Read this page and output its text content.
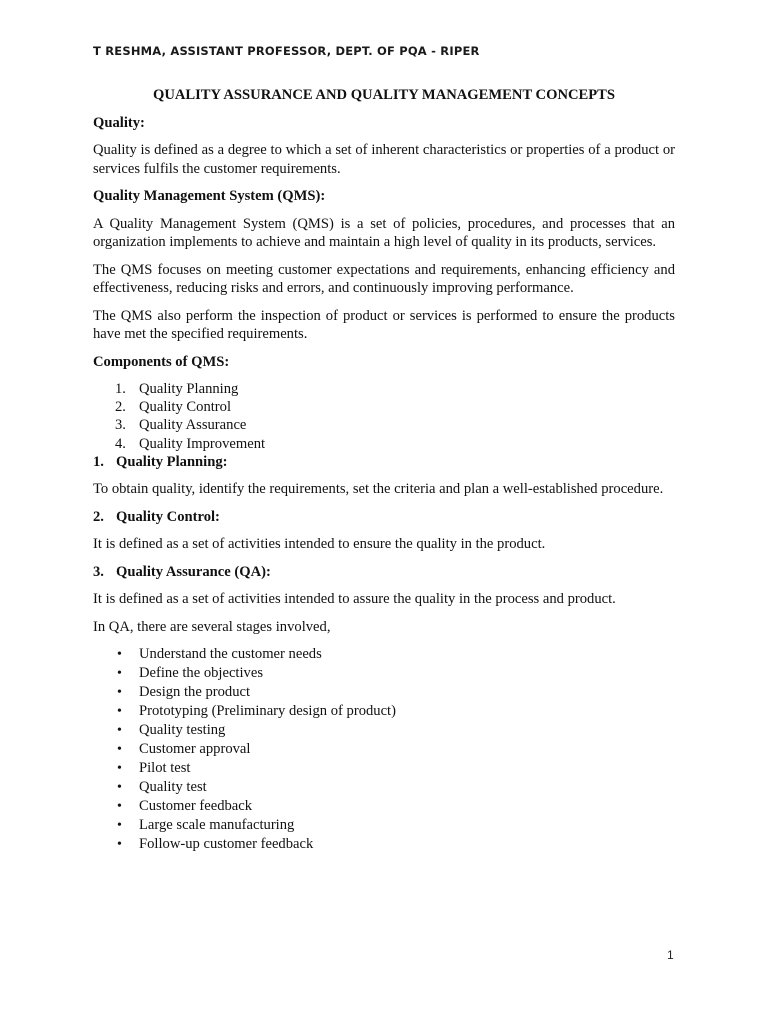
T RESHMA, ASSISTANT PROFESSOR, DEPT. OF PQA - RIPER
QUALITY ASSURANCE AND QUALITY MANAGEMENT CONCEPTS
Quality:
Quality is defined as a degree to which a set of inherent characteristics or properties of a product or services fulfils the customer requirements.
Quality Management System (QMS):
A Quality Management System (QMS) is a set of policies, procedures, and processes that an organization implements to achieve and maintain a high level of quality in its products, services.
The QMS focuses on meeting customer expectations and requirements, enhancing efficiency and effectiveness, reducing risks and errors, and continuously improving performance.
The QMS also perform the inspection of product or services is performed to ensure the products have met the specified requirements.
Components of QMS:
1. Quality Planning
2. Quality Control
3. Quality Assurance
4. Quality Improvement
1. Quality Planning:
To obtain quality, identify the requirements, set the criteria and plan a well-established procedure.
2. Quality Control:
It is defined as a set of activities intended to ensure the quality in the product.
3. Quality Assurance (QA):
It is defined as a set of activities intended to assure the quality in the process and product.
In QA, there are several stages involved,
• Understand the customer needs
• Define the objectives
• Design the product
• Prototyping (Preliminary design of product)
• Quality testing
• Customer approval
• Pilot test
• Quality test
• Customer feedback
• Large scale manufacturing
• Follow-up customer feedback
1
